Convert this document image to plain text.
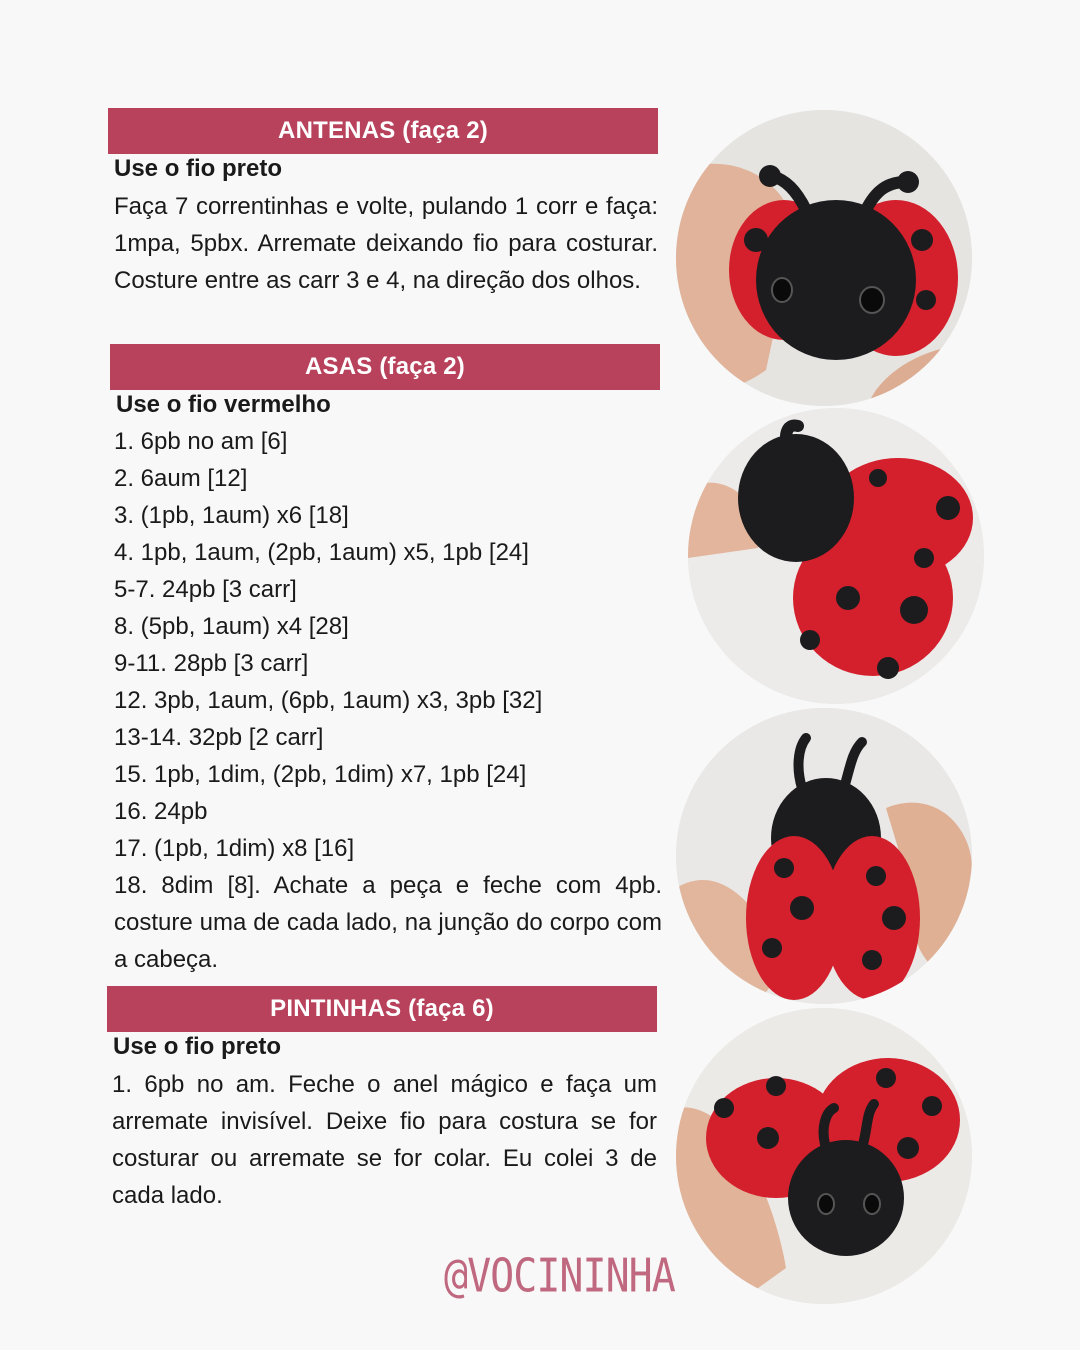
ANTENAS (faça 2)
Use o fio preto

Faça 7 correntinhas e volte, pulando 1 corr e faça: 1mpa, 5pbx. Arremate deixando fio para costurar. Costure entre as carr 3 e 4, na direção dos olhos.

ASAS (faça 2)
Use o fio vermelho
1. 6pb no am [6]
2. 6aum [12]
3. (1pb, 1aum) x6 [18]
4. 1pb, 1aum, (2pb, 1aum) x5, 1pb [24]
5-7. 24pb [3 carr]
8. (5pb, 1aum) x4 [28]
9-11. 28pb [3 carr]
12. 3pb, 1aum, (6pb, 1aum) x3, 3pb [32]
13-14. 32pb [2 carr]
15. 1pb, 1dim, (2pb, 1dim) x7, 1pb [24]
16. 24pb
17. (1pb, 1dim) x8 [16]
18. 8dim [8]. Achate a peça e feche com 4pb. costure uma de cada lado, na junção do corpo com a cabeça.
PINTINHAS (faça 6)
Use o fio preto

1. 6pb no am. Feche o anel mágico e faça um arremate invisível. Deixe fio para costura se for costurar ou arremate se for colar. Eu colei 3 de cada lado.

@VOCININHA
